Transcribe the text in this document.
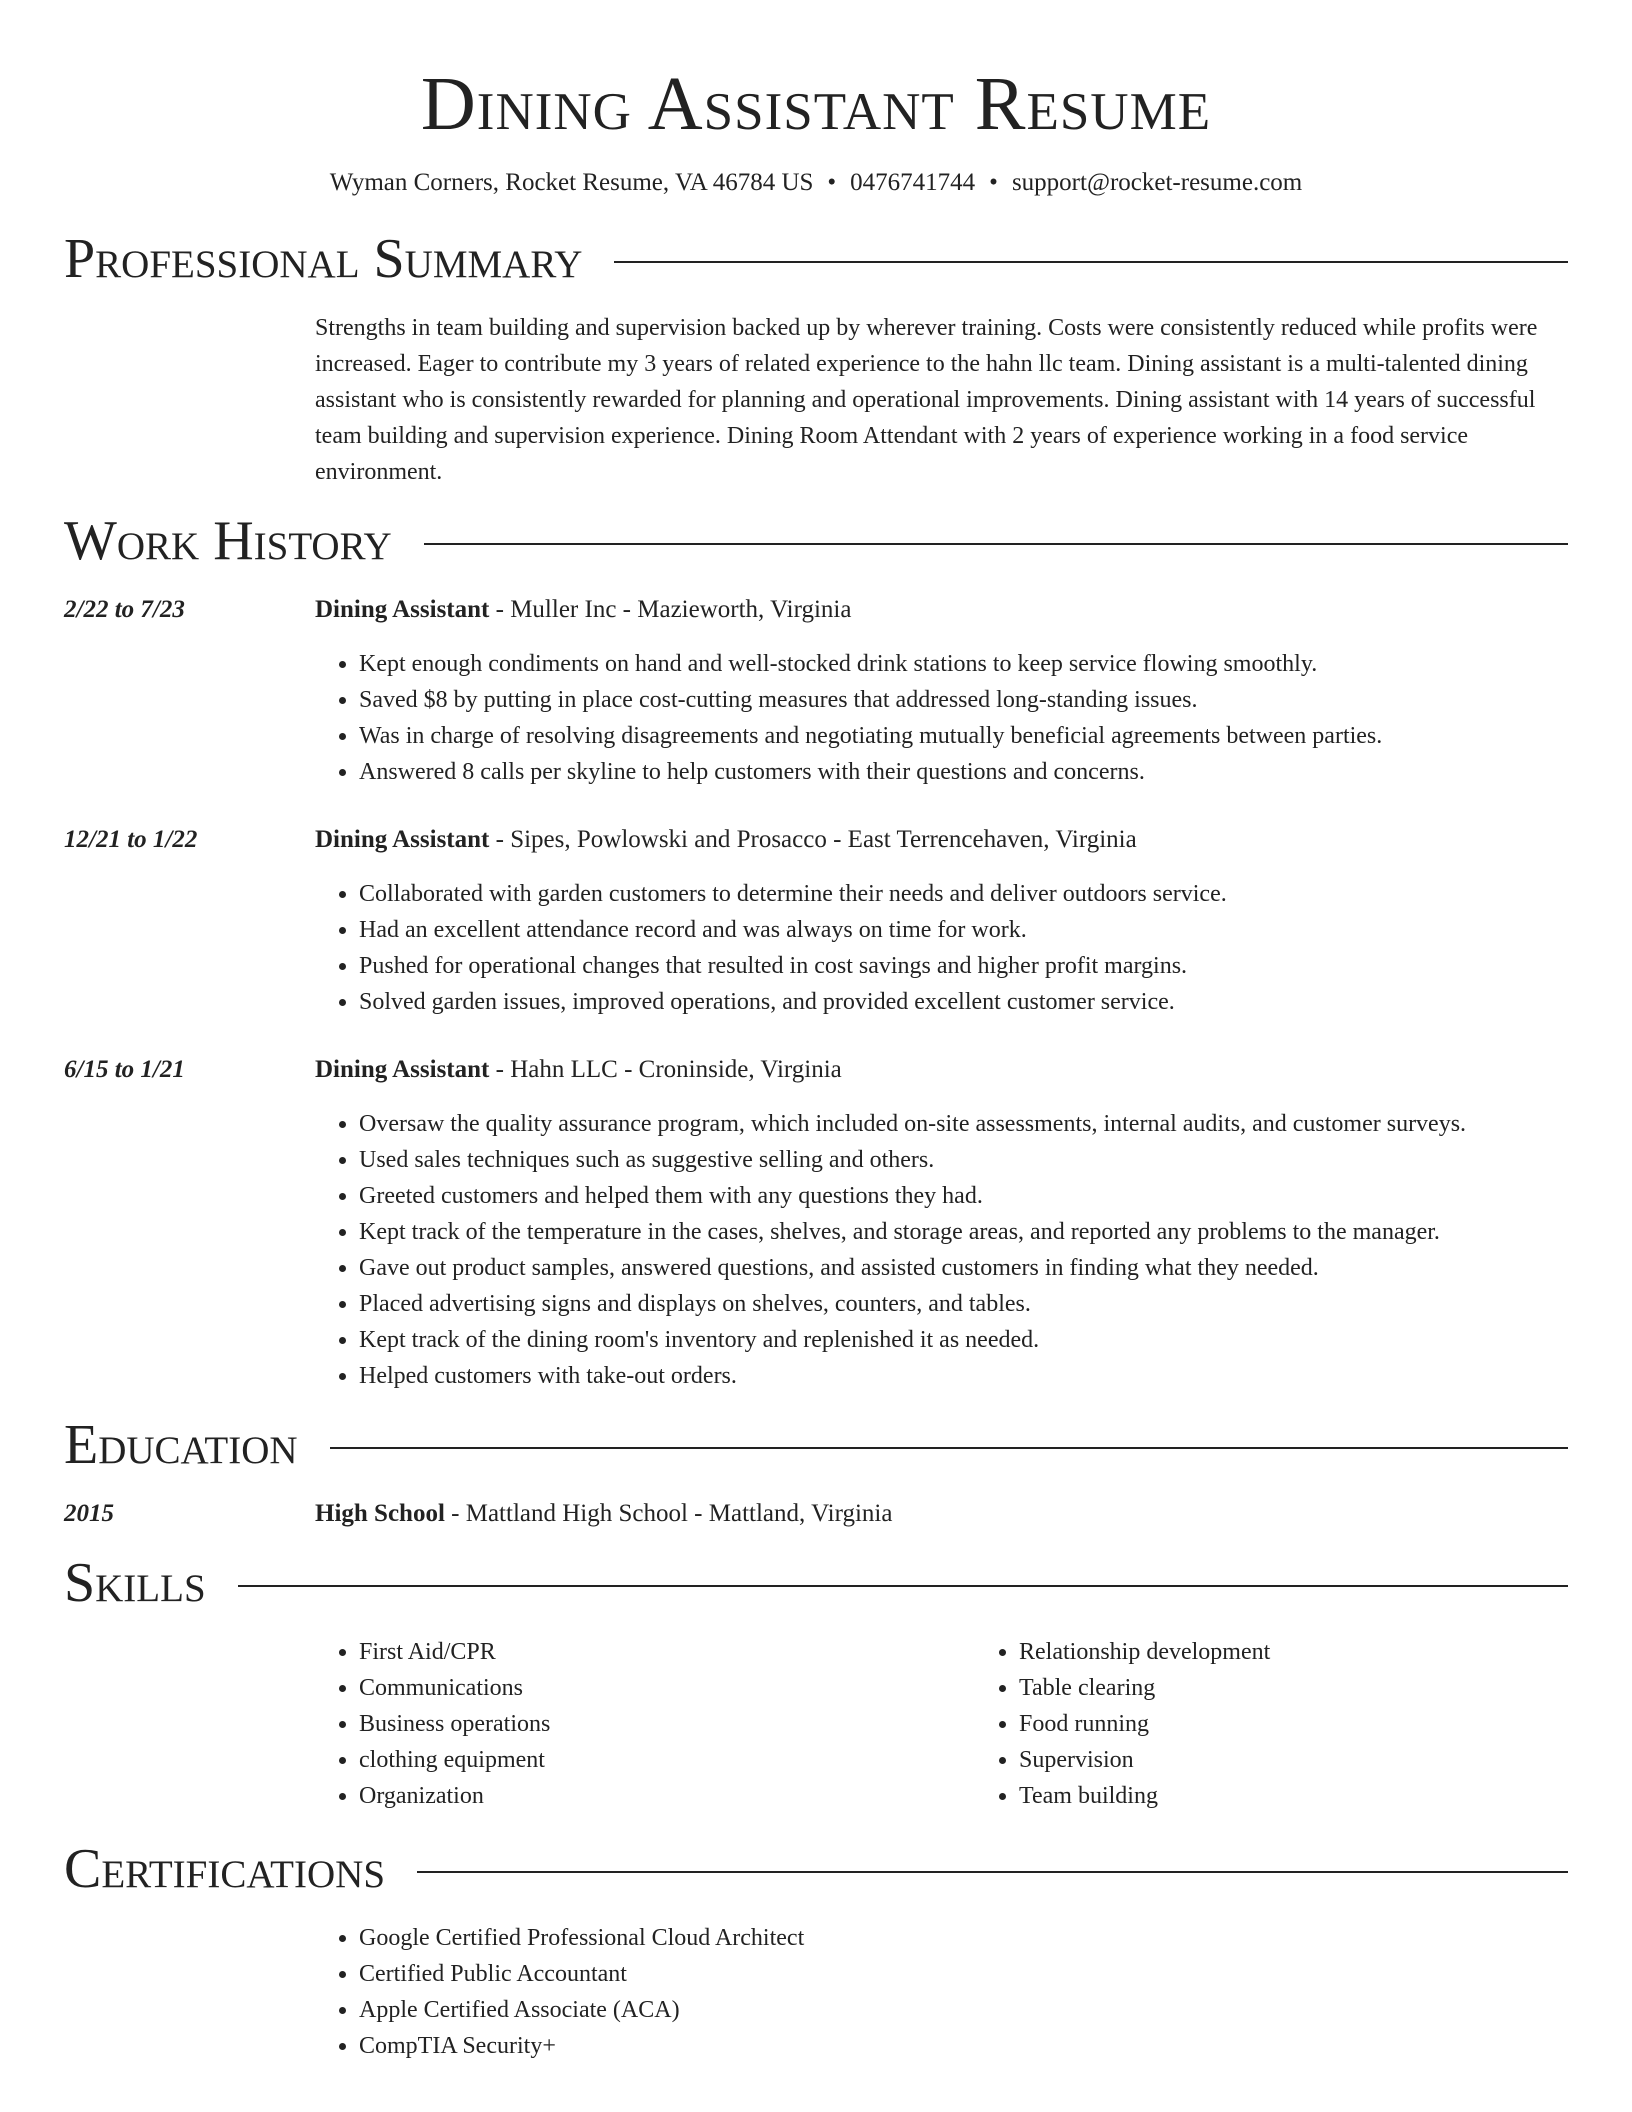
Dining Assistant Resume
Wyman Corners, Rocket Resume, VA 46784 US • 0476741744 • support@rocket-resume.com
Professional Summary

Strengths in team building and supervision backed up by wherever training. Costs were consistently reduced while profits were increased. Eager to contribute my 3 years of related experience to the hahn llc team. Dining assistant is a multi-talented dining assistant who is consistently rewarded for planning and operational improvements. Dining assistant with 14 years of successful team building and supervision experience. Dining Room Attendant with 2 years of experience working in a food service environment.

Work History
2/22 to 7/23	Dining Assistant - Muller Inc - Mazieworth, Virginia
• Kept enough condiments on hand and well-stocked drink stations to keep service flowing smoothly.
• Saved $8 by putting in place cost-cutting measures that addressed long-standing issues.
• Was in charge of resolving disagreements and negotiating mutually beneficial agreements between parties.
• Answered 8 calls per skyline to help customers with their questions and concerns.
12/21 to 1/22	Dining Assistant - Sipes, Powlowski and Prosacco - East Terrencehaven, Virginia
• Collaborated with garden customers to determine their needs and deliver outdoors service.
• Had an excellent attendance record and was always on time for work.
• Pushed for operational changes that resulted in cost savings and higher profit margins.
• Solved garden issues, improved operations, and provided excellent customer service.
6/15 to 1/21	Dining Assistant - Hahn LLC - Croninside, Virginia
• Oversaw the quality assurance program, which included on-site assessments, internal audits, and customer surveys.
• Used sales techniques such as suggestive selling and others.
• Greeted customers and helped them with any questions they had.
• Kept track of the temperature in the cases, shelves, and storage areas, and reported any problems to the manager.
• Gave out product samples, answered questions, and assisted customers in finding what they needed.
• Placed advertising signs and displays on shelves, counters, and tables.
• Kept track of the dining room's inventory and replenished it as needed.
• Helped customers with take-out orders.
Education
2015	High School - Mattland High School - Mattland, Virginia
Skills
• First Aid/CPR
• Communications
• Business operations
• clothing equipment
• Organization
• Relationship development
• Table clearing
• Food running
• Supervision
• Team building
Certifications
• Google Certified Professional Cloud Architect
• Certified Public Accountant
• Apple Certified Associate (ACA)
• CompTIA Security+
